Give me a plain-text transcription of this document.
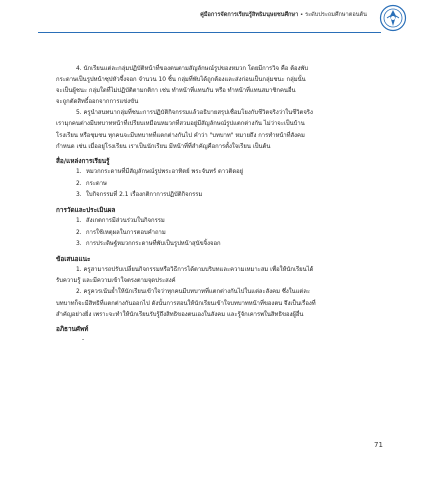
คู่มือการจัดการเรียนรู้สิทธิมนุษยชนศึกษา • ระดับประถมศึกษาตอนต้น

4. นักเรียนแต่ละกลุ่มปฏิบัติหน้าที่ของตนตามสัญลักษณ์รูปของหมวก โดยมีการวิจ คือ ต้องพับ
กระดาษเป็นรูปหน้าซุปหัวจึ้งจอก จำนวน 10 ชิ้น กลุ่มที่พับได้ถูกต้องและส่งก่อนเป็นกลุ่มชนะ กลุ่มนั้น
จะเป็นผู้ชนะ กลุ่มใดที่ไม่ปฏิบัติตามกติกา เช่น ทำหน้าที่แทนกัน หรือ ทำหน้าที่แทนสมาชิกคนอื่น
จะถูกตัดสิทธิ์ออกจากการแข่งขัน

5. ครูนำสนทนากลุ่มที่ชนะการปฏิบัติกิจกรรมแล้วอธิบายสรุปเชื่อมโยงกับชีวิตจริงว่าในชีวิตจริง
เรามุกคนต่างมีบทบาทหน้าที่เปรียบเหมือนหมวกที่สวมอยู่มีสัญลักษณ์รูปแตกต่างกัน ไม่ว่าจะเป็นบ้าน
โรงเรียน หรือชุมชน ทุกคนจะมีบทบาทที่แตกต่างกันไป คำว่า "บทบาท" หมายถึง การทำหน้าที่สังคม
กำหนด เช่น เมื่ออยู่โรงเรียน เราเป็นนักเรียน มีหน้าที่ที่สำคัญคือการตั้งใจเรียน เป็นต้น

สื่อ/แหล่งการเรียนรู้
1. หมวกกระดาษที่มีสัญลักษณ์รูปพระอาทิตย์ พระจันทร์ ดาวติดอยู่
2. กระดาษ
3. ใบกิจกรรมที่ 2.1 เรื่องกติกาการปฏิบัติกิจกรรม
การวัดและประเมินผล
1. สังเกตการมีส่วนร่วมในกิจกรรม
2. การใช้เหตุผลในการตอบคำถาม
3. การประดิษฐ์หมวกกระดาษที่พับเป็นรูปหน้าสุนัขจิ้งจอก
ข้อเสนอแนะ

1. ครูสามารถปรับเปลี่ยนกิจกรรมหรือวิธีการได้ตามบริบทและความเหมาะสม เพื่อให้นักเรียนได้
รับความรู้ และมีความเข้าใจตรงตามจุดประสงค์

2. ครูควรเน้นย้ำให้นักเรียนเข้าใจว่าทุกคนมีบทบาทที่แตกต่างกันไปในแต่ละสังคม ซึ่งในแต่ละ
บทบาทก็จะมีสิทธิที่แตกต่างกันออกไป ดังนั้นการสอนให้นักเรียนเข้าใจบทบาทหน้าที่ของตน จึงเป็นเรื่องที่
สำคัญอย่างยิ่ง เพราะจะทำให้นักเรียนรับรู้ถึงสิทธิของตนเองในสังคม และรู้จักเคารพในสิทธิของผู้อื่น

อภิธานศัพท์
-
71
